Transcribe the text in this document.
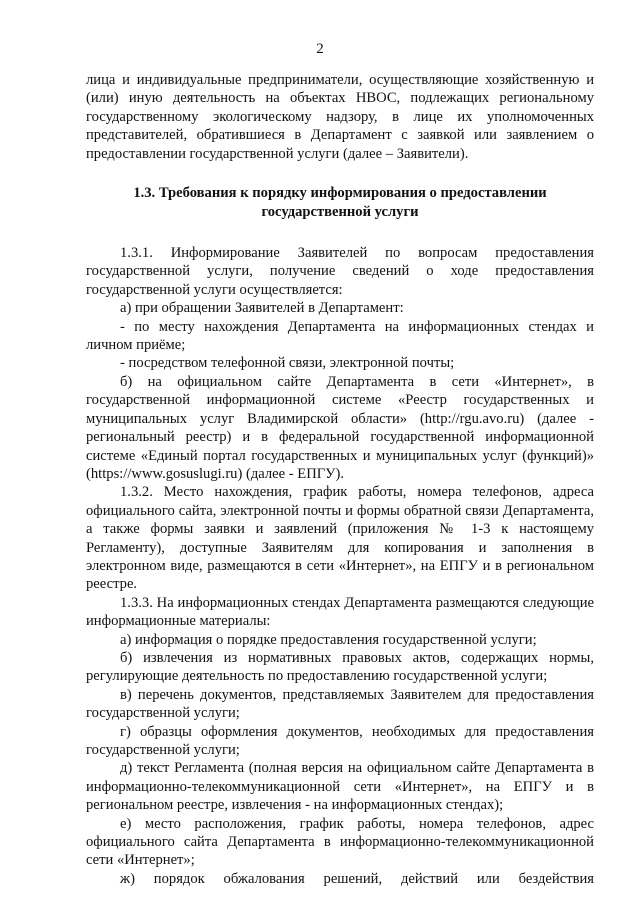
2

лица и индивидуальные предприниматели, осуществляющие хозяйственную и (или) иную деятельность на объектах НВОС, подлежащих региональному государственному экологическому надзору, в лице их уполномоченных представителей, обратившиеся в Департамент с заявкой или заявлением о предоставлении государственной услуги (далее – Заявители).

1.3. Требования к порядку информирования о предоставлении государственной услуги

1.3.1. Информирование Заявителей по вопросам предоставления государственной услуги, получение сведений о ходе предоставления государственной услуги осуществляется:

а) при обращении Заявителей в Департамент:

- по месту нахождения Департамента на информационных стендах и личном приёме;

- посредством телефонной связи, электронной почты;

б) на официальном сайте Департамента в сети «Интернет», в государственной информационной системе «Реестр государственных и муниципальных услуг Владимирской области» (http://rgu.avo.ru) (далее - региональный реестр) и в федеральной государственной информационной системе «Единый портал государственных и муниципальных услуг (функций)» (https://www.gosuslugi.ru) (далее - ЕПГУ).

1.3.2. Место нахождения, график работы, номера телефонов, адреса официального сайта, электронной почты и формы обратной связи Департамента, а также формы заявки и заявлений (приложения № 1-3 к настоящему Регламенту), доступные Заявителям для копирования и заполнения в электронном виде, размещаются в сети «Интернет», на ЕПГУ и в региональном реестре.

1.3.3. На информационных стендах Департамента размещаются следующие информационные материалы:

а) информация о порядке предоставления государственной услуги;

б) извлечения из нормативных правовых актов, содержащих нормы, регулирующие деятельность по предоставлению государственной услуги;

в) перечень документов, представляемых Заявителем для предоставления государственной услуги;

г) образцы оформления документов, необходимых для предоставления государственной услуги;

д) текст Регламента (полная версия на официальном сайте Департамента в информационно-телекоммуникационной сети «Интернет», на ЕПГУ и в региональном реестре, извлечения - на информационных стендах);

е) место расположения, график работы, номера телефонов, адрес официального сайта Департамента в информационно-телекоммуникационной сети «Интернет»;

ж) порядок обжалования решений, действий или бездействия
